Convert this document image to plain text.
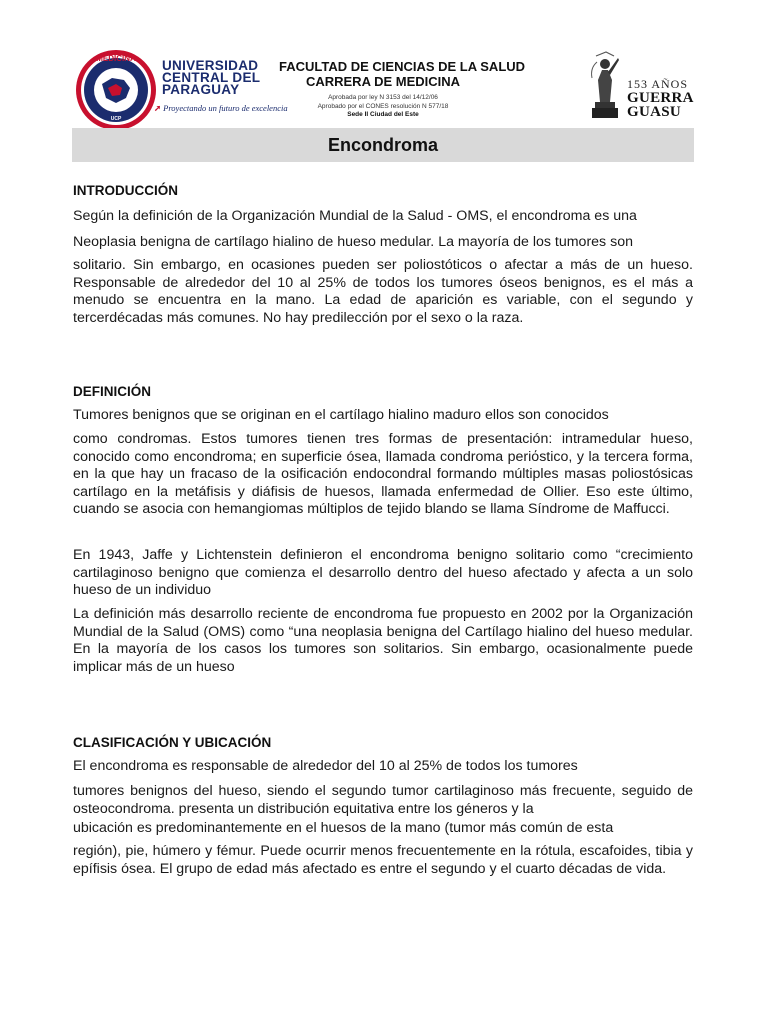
MEDICINA
UCP
UNIVERSIDAD
CENTRAL DEL
PARAGUAY
➚ Proyectando un futuro de excelencia
FACULTAD DE CIENCIAS DE LA SALUD
CARRERA DE MEDICINA
Aprobada por ley N 3153 del 14/12/06
Aprobado por el CONES resolución N 577/18
Sede II Ciudad del Este
153 AÑOS
GUERRA
GUASU
Encondroma
INTRODUCCIÓN
Según la definición de la Organización Mundial de la Salud - OMS, el encondroma es una
Neoplasia benigna de cartílago hialino de hueso medular. La mayoría de los tumores son
solitario. Sin embargo, en ocasiones pueden ser poliostóticos o afectar a más de un hueso. Responsable de alrededor del 10 al 25% de todos los tumores óseos benignos, es el más a menudo se encuentra en la mano. La edad de aparición es variable, con el segundo y tercerdécadas más comunes. No hay predilección por el sexo o la raza.
DEFINICIÓN
Tumores benignos que se originan en el cartílago hialino maduro ellos son conocidos
como condromas. Estos tumores tienen tres formas de presentación: intramedular hueso, conocido como encondroma; en superficie ósea, llamada condroma periόstico, y la tercera forma, en la que hay un fracaso de la osificación endocondral formando múltiples masas poliostósicas cartílago en la metáfisis y diáfisis de huesos, llamada enfermedad de Ollier. Eso este último, cuando se asocia con hemangiomas múltiplos de tejido blando se llama Síndrome de Maffucci.
En 1943, Jaffe y Lichtenstein definieron el encondroma benigno solitario como “crecimiento cartilaginoso benigno que comienza el desarrollo dentro del hueso afectado y afecta a un solo hueso de un individuo
La definición más desarrollo reciente de encondroma fue propuesto en 2002 por la Organización Mundial de la Salud (OMS) como “una neoplasia benigna del Cartílago hialino del hueso medular. En la mayoría de los casos los tumores son solitarios. Sin embargo, ocasionalmente puede implicar más de un hueso
CLASIFICACIÓN Y UBICACIÓN
El encondroma es responsable de alrededor del 10 al 25% de todos los tumores
tumores benignos del hueso, siendo el segundo tumor cartilaginoso más frecuente, seguido de osteocondroma. presenta un distribución equitativa entre los géneros y la
ubicación es predominantemente en el huesos de la mano (tumor más común de esta
región), pie, húmero y fémur. Puede ocurrir menos frecuentemente en la rótula, escafoides, tibia y epífisis ósea. El grupo de edad más afectado es entre el segundo y el cuarto décadas de vida.
